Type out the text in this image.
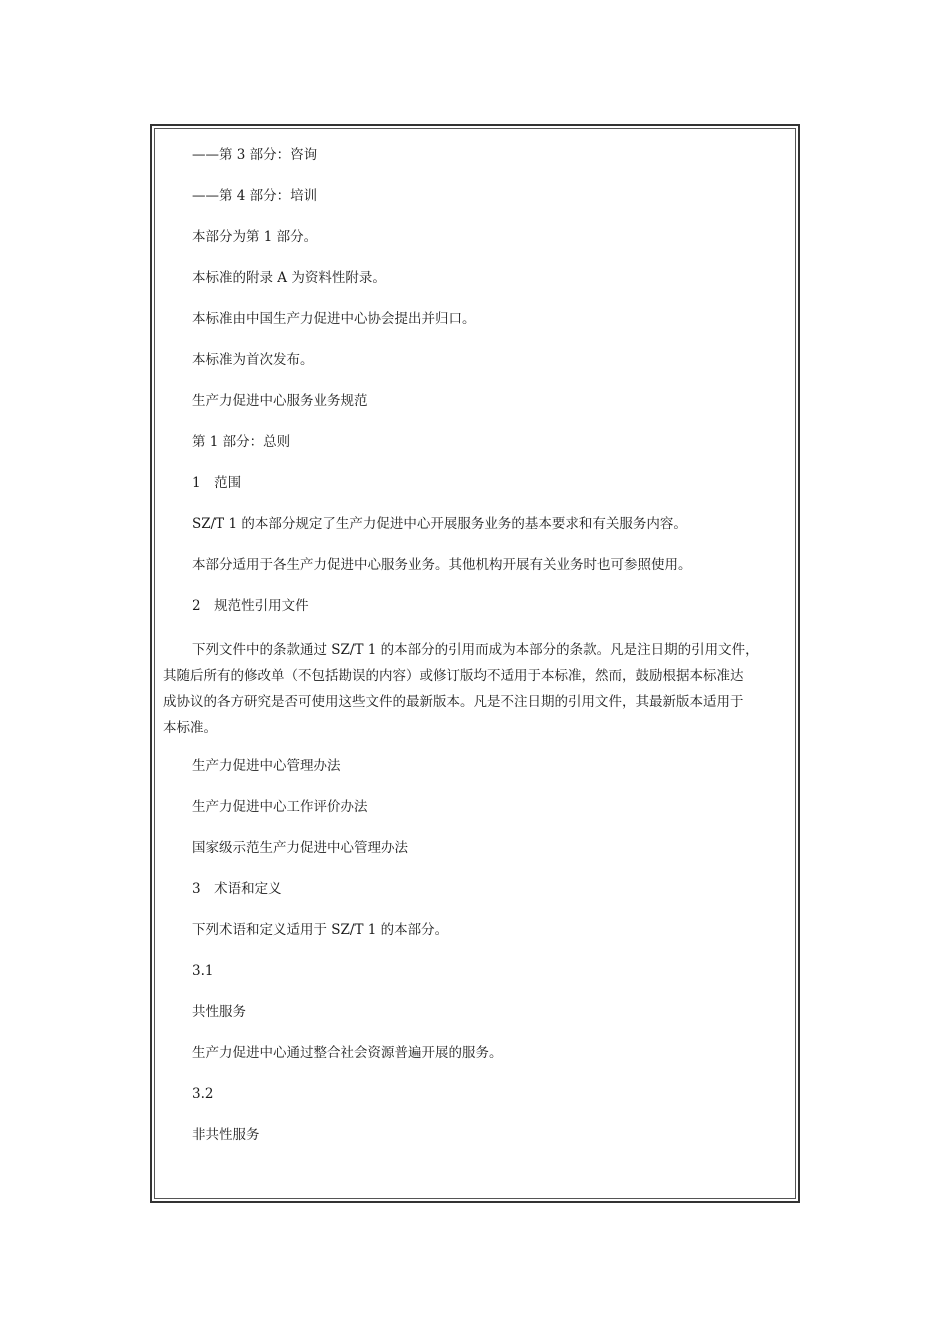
——第 3 部分：咨询

——第 4 部分：培训

本部分为第 1 部分。

本标准的附录 A 为资料性附录。

本标准由中国生产力促进中心协会提出并归口。

本标准为首次发布。

生产力促进中心服务业务规范

第 1 部分：总则

1　范围

SZ/T 1 的本部分规定了生产力促进中心开展服务业务的基本要求和有关服务内容。

本部分适用于各生产力促进中心服务业务。其他机构开展有关业务时也可参照使用。

2　规范性引用文件

下列文件中的条款通过 SZ/T 1 的本部分的引用而成为本部分的条款。凡是注日期的引用文件，
其随后所有的修改单（不包括勘误的内容）或修订版均不适用于本标准，然而，鼓励根据本标准达
成协议的各方研究是否可使用这些文件的最新版本。凡是不注日期的引用文件，其最新版本适用于
本标准。

生产力促进中心管理办法

生产力促进中心工作评价办法

国家级示范生产力促进中心管理办法

3　术语和定义

下列术语和定义适用于 SZ/T 1 的本部分。

3.1

共性服务

生产力促进中心通过整合社会资源普遍开展的服务。

3.2

非共性服务
